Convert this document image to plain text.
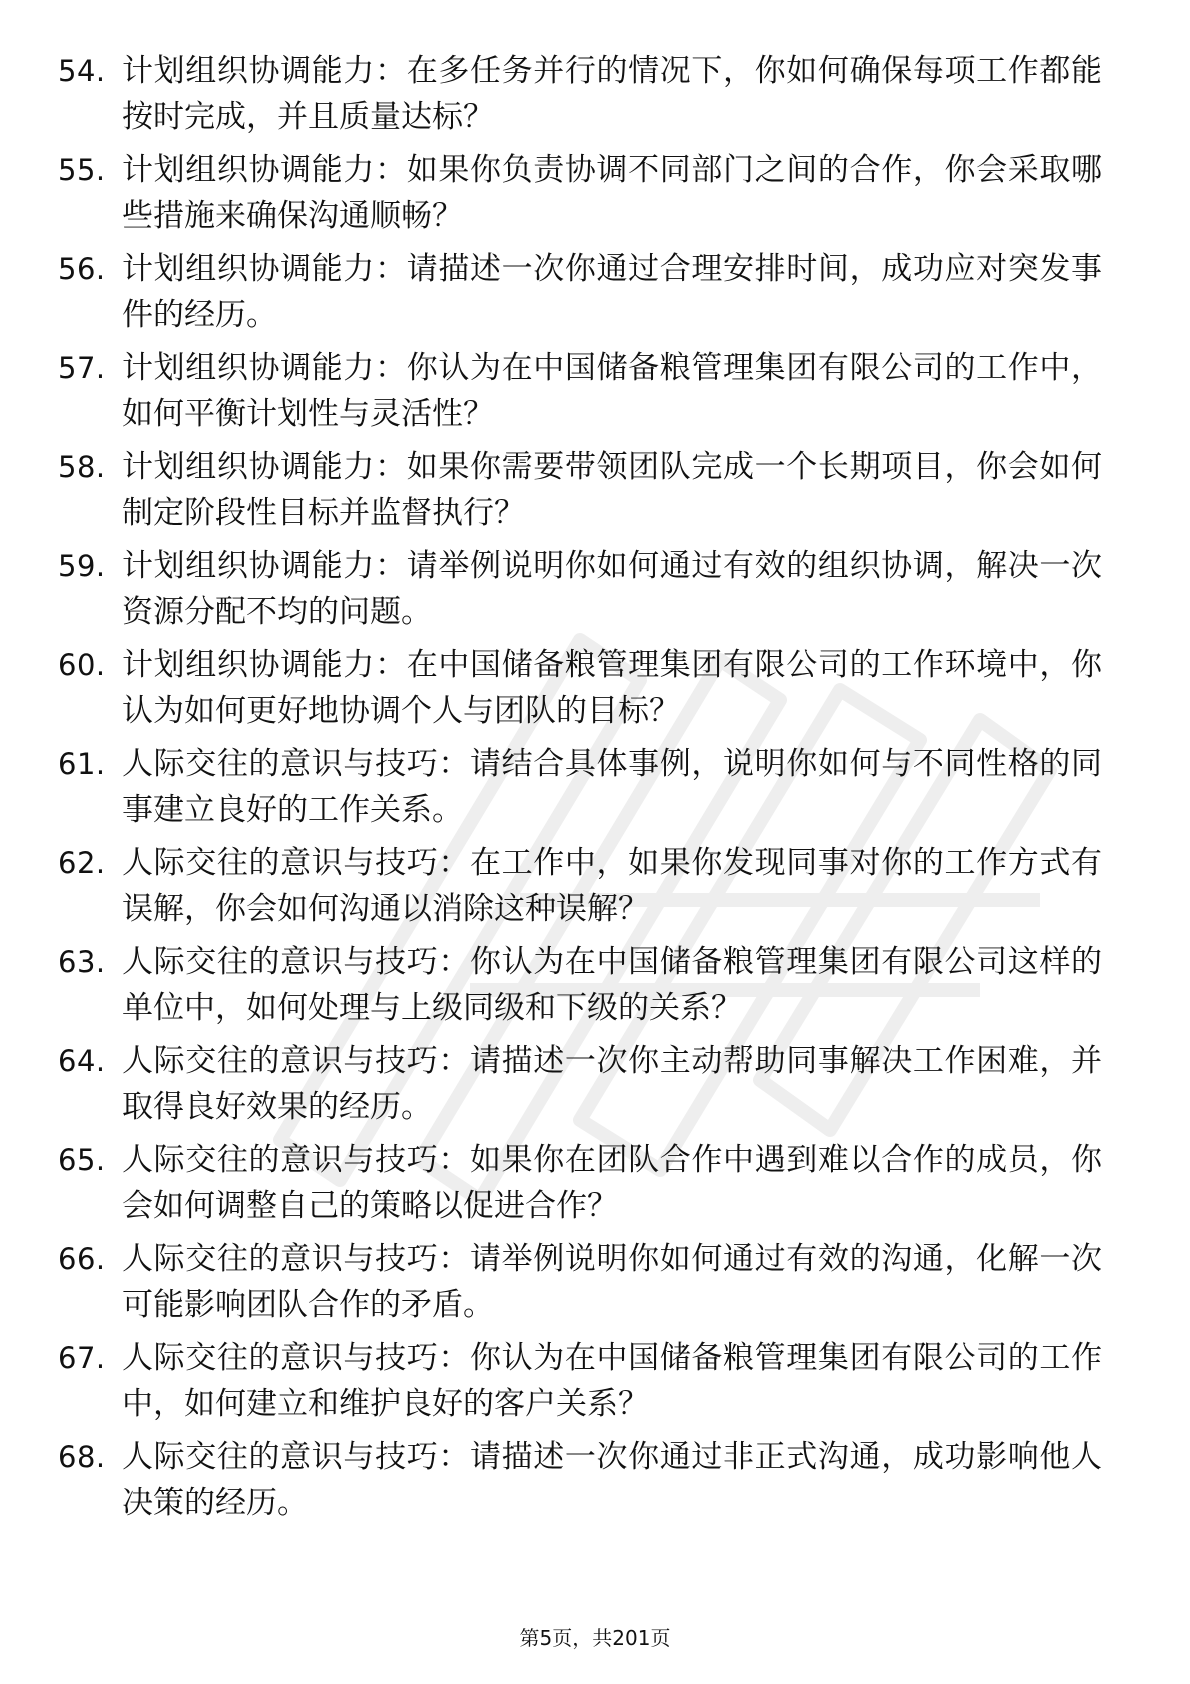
54. 计划组织协调能力：在多任务并行的情况下，你如何确保每项工作都能按时完成，并且质量达标？
55. 计划组织协调能力：如果你负责协调不同部门之间的合作，你会采取哪些措施来确保沟通顺畅？
56. 计划组织协调能力：请描述一次你通过合理安排时间，成功应对突发事件的经历。
57. 计划组织协调能力：你认为在中国储备粮管理集团有限公司的工作中，如何平衡计划性与灵活性？
58. 计划组织协调能力：如果你需要带领团队完成一个长期项目，你会如何制定阶段性目标并监督执行？
59. 计划组织协调能力：请举例说明你如何通过有效的组织协调，解决一次资源分配不均的问题。
60. 计划组织协调能力：在中国储备粮管理集团有限公司的工作环境中，你认为如何更好地协调个人与团队的目标？
61. 人际交往的意识与技巧：请结合具体事例，说明你如何与不同性格的同事建立良好的工作关系。
62. 人际交往的意识与技巧：在工作中，如果你发现同事对你的工作方式有误解，你会如何沟通以消除这种误解？
63. 人际交往的意识与技巧：你认为在中国储备粮管理集团有限公司这样的单位中，如何处理与上级同级和下级的关系？
64. 人际交往的意识与技巧：请描述一次你主动帮助同事解决工作困难，并取得良好效果的经历。
65. 人际交往的意识与技巧：如果你在团队合作中遇到难以合作的成员，你会如何调整自己的策略以促进合作？
66. 人际交往的意识与技巧：请举例说明你如何通过有效的沟通，化解一次可能影响团队合作的矛盾。
67. 人际交往的意识与技巧：你认为在中国储备粮管理集团有限公司的工作中，如何建立和维护良好的客户关系？
68. 人际交往的意识与技巧：请描述一次你通过非正式沟通，成功影响他人决策的经历。
第5页，共201页
